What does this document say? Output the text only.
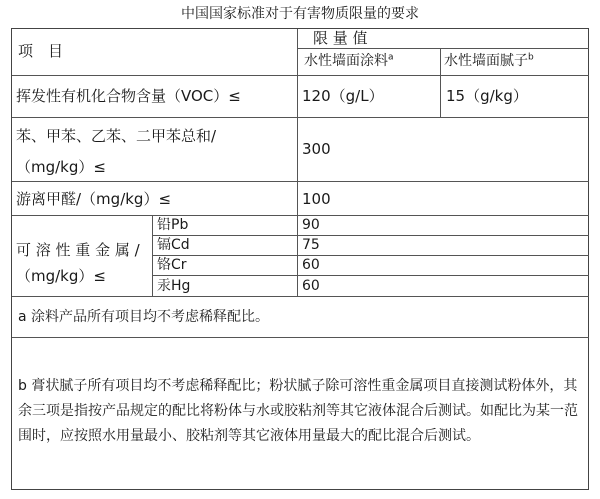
中国国家标准对于有害物质限量的要求
项　目
限 量 值
水性墙面涂料$^a$	水性墙面腻子$^b$
挥发性有机化合物含量（VOC）≤	120（g/L）	15（g/kg）
苯、甲苯、乙苯、二甲苯总和/
（mg/kg）≤
300
游离甲醛/（mg/kg）≤	100
可 溶 性 重 金 属 /
（mg/kg）≤
铅Pb	90
镉Cd	75
铬Cr	60
汞Hg	60
a 涂料产品所有项目均不考虑稀释配比。
b 膏状腻子所有项目均不考虑稀释配比；粉状腻子除可溶性重金属项目直接测试粉体外，其余三项是指按产品规定的配比将粉体与水或胶粘剂等其它液体混合后测试。如配比为某一范围时，应按照水用量最小、胶粘剂等其它液体用量最大的配比混合后测试。
